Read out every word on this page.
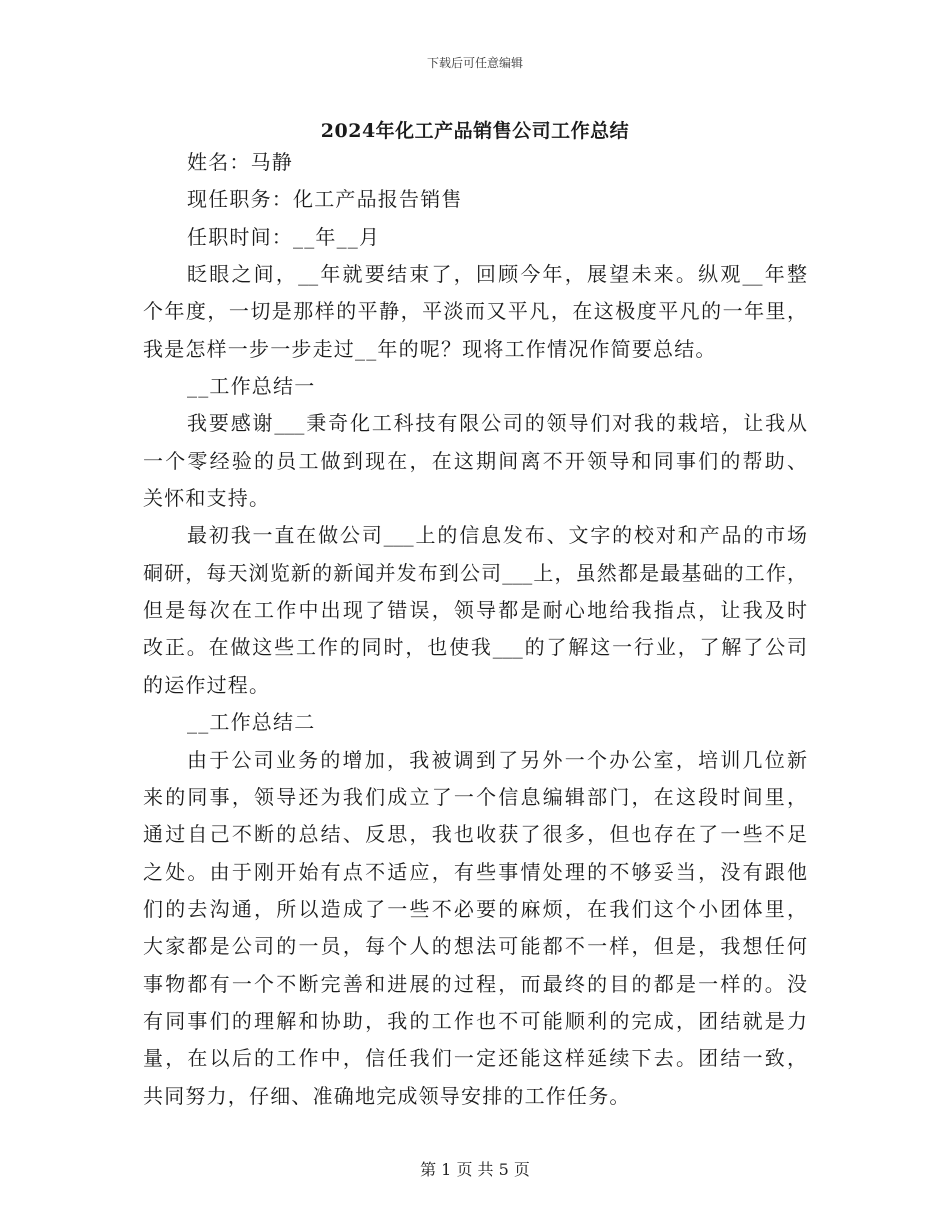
下载后可任意编辑
2024年化工产品销售公司工作总结
姓名：马静
现任职务：化工产品报告销售
任职时间：__年__月
眨眼之间，__年就要结束了，回顾今年，展望未来。纵观__年整
个年度，一切是那样的平静，平淡而又平凡，在这极度平凡的一年里，
我是怎样一步一步走过__年的呢？现将工作情况作简要总结。
__工作总结一
我要感谢___秉奇化工科技有限公司的领导们对我的栽培，让我从
一个零经验的员工做到现在，在这期间离不开领导和同事们的帮助、
关怀和支持。
最初我一直在做公司___上的信息发布、文字的校对和产品的市场
硐研，每天浏览新的新闻并发布到公司___上，虽然都是最基础的工作，
但是每次在工作中出现了错误，领导都是耐心地给我指点，让我及时
改正。在做这些工作的同时，也使我___的了解这一行业，了解了公司
的运作过程。
__工作总结二
由于公司业务的增加，我被调到了另外一个办公室，培训几位新
来的同事，领导还为我们成立了一个信息编辑部门，在这段时间里，
通过自己不断的总结、反思，我也收获了很多，但也存在了一些不足
之处。由于刚开始有点不适应，有些事情处理的不够妥当，没有跟他
们的去沟通，所以造成了一些不必要的麻烦，在我们这个小团体里，
大家都是公司的一员，每个人的想法可能都不一样，但是，我想任何
事物都有一个不断完善和进展的过程，而最终的目的都是一样的。没
有同事们的理解和协助，我的工作也不可能顺利的完成，团结就是力
量，在以后的工作中，信任我们一定还能这样延续下去。团结一致，
共同努力，仔细、准确地完成领导安排的工作任务。
第 1 页 共 5 页
